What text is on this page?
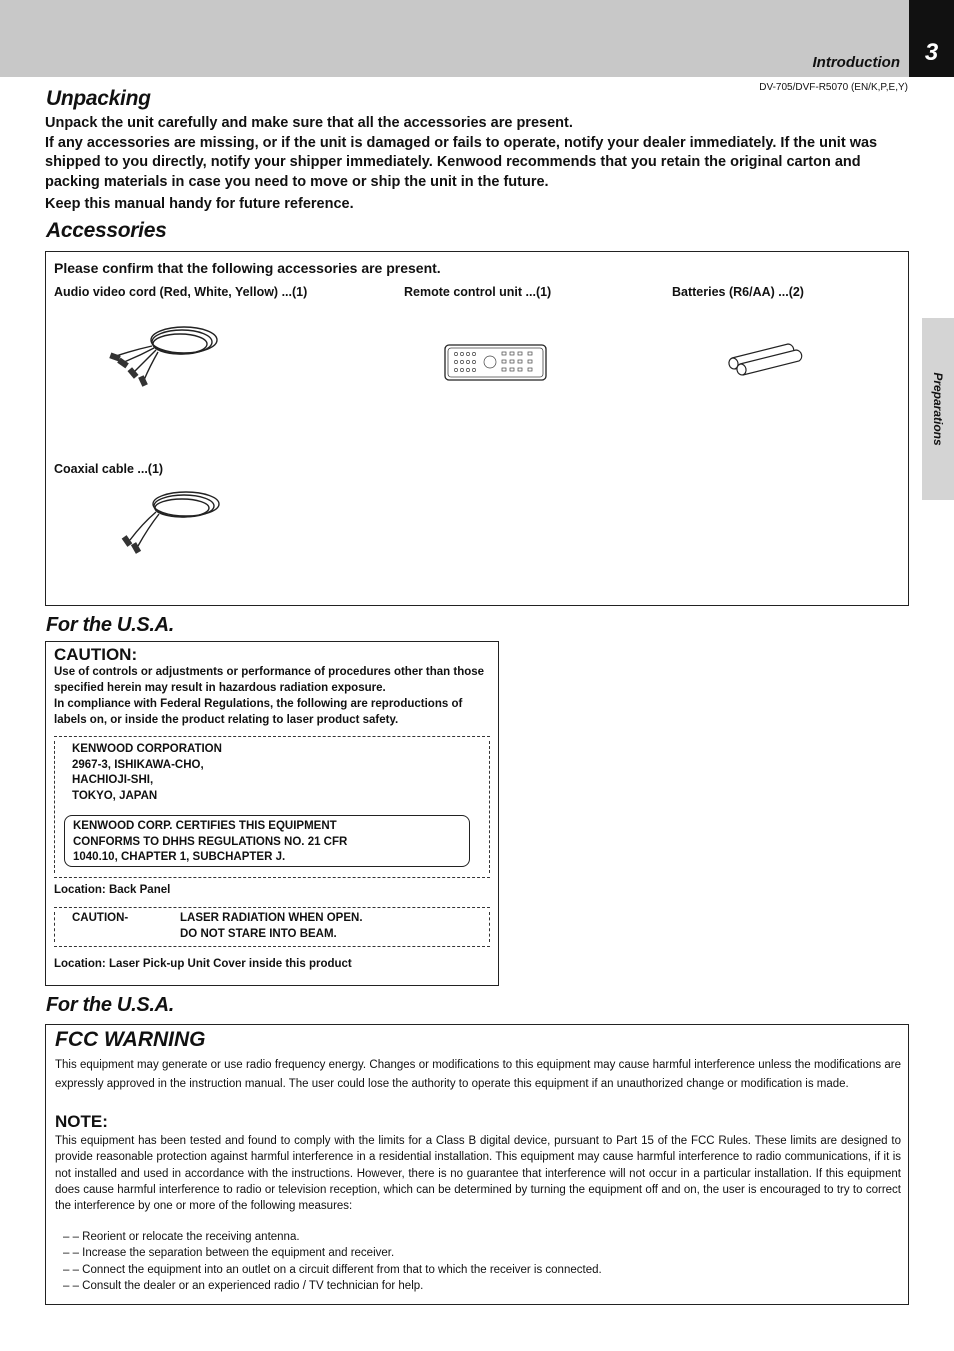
3
Introduction
DV-705/DVF-R5070 (EN/K,P,E,Y)
Preparations
Unpacking

Unpack the unit carefully and make sure that all the accessories are present.

If any accessories are missing, or if the unit is damaged or fails to operate, notify your dealer immediately. If the unit was shipped to you directly, notify your shipper immediately. Kenwood recommends that you retain the original carton and packing materials in case you need to move or ship the unit in the future.

Keep this manual handy for future reference.
Accessories
Please confirm that the following accessories are present.
Audio video cord (Red, White, Yellow) ...(1)	Remote control unit ...(1)	Batteries (R6/AA) ...(2)
Coaxial cable ...(1)
For the U.S.A.
CAUTION:

Use of controls or adjustments or performance of procedures other than those specified herein may result in hazardous radiation exposure.

In compliance with Federal Regulations, the following are reproductions of labels on, or inside the product relating to laser product safety.

KENWOOD CORPORATION
2967-3, ISHIKAWA-CHO,
HACHIOJI-SHI,
TOKYO, JAPAN
KENWOOD CORP. CERTIFIES THIS EQUIPMENT
CONFORMS TO DHHS REGULATIONS NO. 21 CFR
1040.10, CHAPTER 1, SUBCHAPTER J.
Location: Back Panel
CAUTION-	LASER RADIATION WHEN OPEN.
DO NOT STARE INTO BEAM.
Location: Laser Pick-up Unit Cover inside this product
For the U.S.A.
FCC WARNING
This equipment may generate or use radio frequency energy. Changes or modifications to this equipment may cause harmful interference unless the modifications are expressly approved in the instruction manual. The user could lose the authority to operate this equipment if an unauthorized change or modification is made.
NOTE:
This equipment has been tested and found to comply with the limits for a Class B digital device, pursuant to Part 15 of the FCC Rules. These limits are designed to provide reasonable protection against harmful interference in a residential installation. This equipment may cause harmful interference to radio communications, if it is not installed and used in accordance with the instructions. However, there is no guarantee that interference will not occur in a particular installation. If this equipment does cause harmful interference to radio or television reception, which can be determined by turning the equipment off and on, the user is encouraged to try to correct the interference by one or more of the following measures:
– – Reorient or relocate the receiving antenna.
– – Increase the separation between the equipment and receiver.
– – Connect the equipment into an outlet on a circuit different from that to which the receiver is connected.
– – Consult the dealer or an experienced radio / TV technician for help.
